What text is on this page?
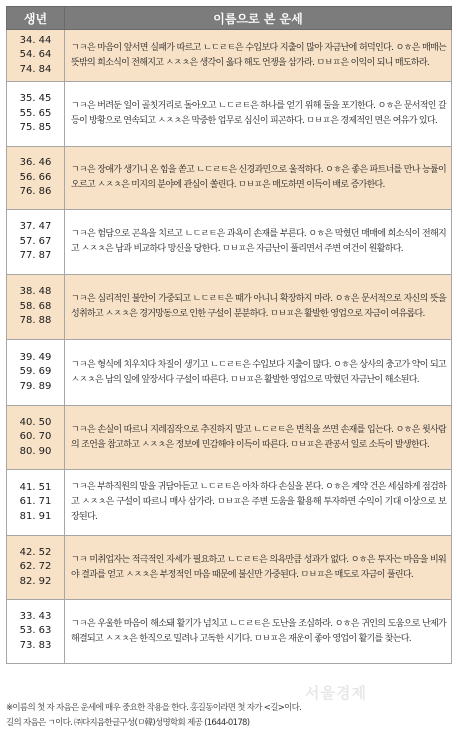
생년	이름으로 본 운세

34. 44
54. 64
74. 84	ㄱㅋ은 마음이 앞서면 실패가 따르고 ㄴㄷㄹㅌ은 수입보다 지출이 많아 자금난에 허덕인다. ㅇㅎ은 매매는 뜻밖의 희소식이 전해지고 ㅅㅈㅊ은 생각이 옳다 해도 언쟁을 삼가라. ㅁㅂㅍ은 이익이 되니 매도하라.

35. 45
55. 65
75. 85	ㄱㅋ은 버려둔 일이 골칫거리로 돌아오고 ㄴㄷㄹㅌ은 하나를 얻기 위해 둘을 포기한다. ㅇㅎ은 문서적인 갈등이 방황으로 연속되고 ㅅㅈㅊ은 막중한 업무로 심신이 피곤하다. ㅁㅂㅍ은 경제적인 면은 여유가 있다.

36. 46
56. 66
76. 86	ㄱㅋ은 장애가 생기니 온 힘을 쏟고 ㄴㄷㄹㅌ은 신경과민으로 울적하다. ㅇㅎ은 좋은 파트너를 만나 능률이 오르고 ㅅㅈㅊ은 미지의 분야에 관심이 쏠린다. ㅁㅂㅍ은 매도하면 이득이 배로 증가한다.

37. 47
57. 67
77. 87	ㄱㅋ은 험담으로 곤욕을 치르고 ㄴㄷㄹㅌ은 과욕이 손재를 부른다. ㅇㅎ은 막혔던 매매에 희소식이 전해지고 ㅅㅈㅊ은 남과 비교하다 망신을 당한다. ㅁㅂㅍ은 자금난이 풀리면서 주변 여건이 원활하다.

38. 48
58. 68
78. 88	ㄱㅋ은 심리적인 불안이 가중되고 ㄴㄷㄹㅌ은 때가 아니니 확장하지 마라. ㅇㅎ은 문서적으로 자신의 뜻을 성취하고 ㅅㅈㅊ은 경거망동으로 인한 구설이 분분하다. ㅁㅂㅍ은 활발한 영업으로 자금이 여유롭다.

39. 49
59. 69
79. 89	ㄱㅋ은 형식에 치우치다 차질이 생기고 ㄴㄷㄹㅌ은 수입보다 지출이 많다. ㅇㅎ은 상사의 충고가 약이 되고 ㅅㅈㅊ은 남의 일에 앞장서다 구설이 따른다. ㅁㅂㅍ은 활발한 영업으로 막혔던 자금난이 해소된다.

40. 50
60. 70
80. 90	ㄱㅋ은 손실이 따르니 지레짐작으로 추진하지 말고 ㄴㄷㄹㅌ은 변칙을 쓰면 손재를 입는다. ㅇㅎ은 윗사람의 조언을 참고하고 ㅅㅈㅊ은 정보에 민감해야 이득이 따른다. ㅁㅂㅍ은 관공서 일로 소득이 발생한다.

41. 51
61. 71
81. 91	ㄱㅋ은 부하직원의 말을 귀담아듣고 ㄴㄷㄹㅌ은 아차 하다 손실을 본다. ㅇㅎ은 계약 건은 세심하게 점검하고 ㅅㅈㅊ은 구설이 따르니 매사 삼가라. ㅁㅂㅍ은 주변 도움을 활용해 투자하면 수익이 기대 이상으로 보장된다.

42. 52
62. 72
82. 92	ㄱㅋ 미취업자는 적극적인 자세가 필요하고 ㄴㄷㄹㅌ은 의욕만큼 성과가 없다. ㅇㅎ은 투자는 마음을 비워야 결과를 얻고 ㅅㅈㅊ은 부정적인 마음 때문에 불신만 가중된다. ㅁㅂㅍ은 매도로 자금이 풀린다.

33. 43
53. 63
73. 83	ㄱㅋ은 우울한 마음이 해소돼 활기가 넘치고 ㄴㄷㄹㅌ은 도난을 조심하라. ㅇㅎ은 귀인의 도움으로 난제가 해결되고 ㅅㅈㅊ은 한직으로 밀려나 고독한 시기다. ㅁㅂㅍ은 재운이 좋아 영업이 활기를 찾는다.
서울경제
※이름의 첫 자 자음은 운세에 매우 중요한 작용을 한다. 홍길동이라면 첫 자가 <길>이다.
길의 자음은 ㄱ이다. ㈜다지음한글구성(ㅁ韓)성명학회 제공 (1644-0178)
